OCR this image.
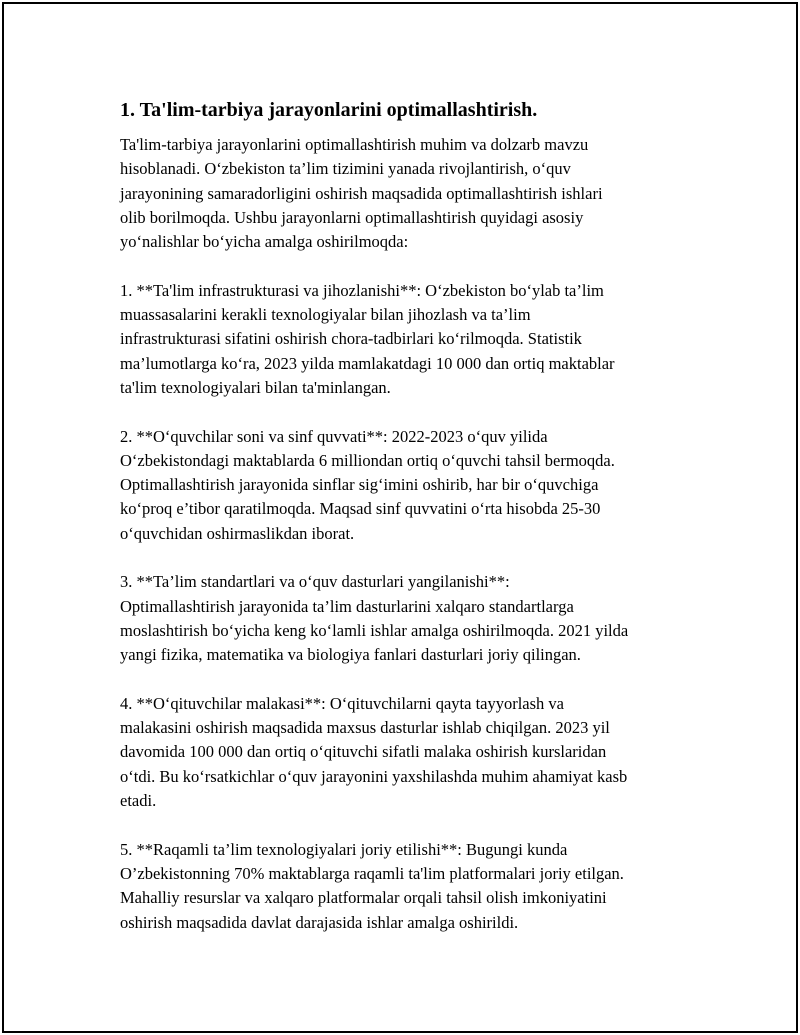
1. Ta'lim-tarbiya jarayonlarini optimallashtirish.

Ta'lim-tarbiya jarayonlarini optimallashtirish muhim va dolzarb mavzu
hisoblanadi. O‘zbekiston ta’lim tizimini yanada rivojlantirish, o‘quv
jarayonining samaradorligini oshirish maqsadida optimallashtirish ishlari
olib borilmoqda. Ushbu jarayonlarni optimallashtirish quyidagi asosiy
yo‘nalishlar bo‘yicha amalga oshirilmoqda:

1. **Ta'lim infrastrukturasi va jihozlanishi**: O‘zbekiston bo‘ylab ta’lim
muassasalarini kerakli texnologiyalar bilan jihozlash va ta’lim
infrastrukturasi sifatini oshirish chora-tadbirlari ko‘rilmoqda. Statistik
ma’lumotlarga ko‘ra, 2023 yilda mamlakatdagi 10 000 dan ortiq maktablar
ta'lim texnologiyalari bilan ta'minlangan.

2. **O‘quvchilar soni va sinf quvvati**: 2022-2023 o‘quv yilida
O‘zbekistondagi maktablarda 6 milliondan ortiq o‘quvchi tahsil bermoqda.
Optimallashtirish jarayonida sinflar sig‘imini oshirib, har bir o‘quvchiga
ko‘proq e’tibor qaratilmoqda. Maqsad sinf quvvatini o‘rta hisobda 25-30
o‘quvchidan oshirmaslikdan iborat.

3. **Ta’lim standartlari va o‘quv dasturlari yangilanishi**:
Optimallashtirish jarayonida ta’lim dasturlarini xalqaro standartlarga
moslashtirish bo‘yicha keng ko‘lamli ishlar amalga oshirilmoqda. 2021 yilda
yangi fizika, matematika va biologiya fanlari dasturlari joriy qilingan.

4. **O‘qituvchilar malakasi**: O‘qituvchilarni qayta tayyorlash va
malakasini oshirish maqsadida maxsus dasturlar ishlab chiqilgan. 2023 yil
davomida 100 000 dan ortiq o‘qituvchi sifatli malaka oshirish kurslaridan
o‘tdi. Bu ko‘rsatkichlar o‘quv jarayonini yaxshilashda muhim ahamiyat kasb
etadi.

5. **Raqamli ta’lim texnologiyalari joriy etilishi**: Bugungi kunda
O’zbekistonning 70% maktablarga raqamli ta'lim platformalari joriy etilgan.
Mahalliy resurslar va xalqaro platformalar orqali tahsil olish imkoniyatini
oshirish maqsadida davlat darajasida ishlar amalga oshirildi.
